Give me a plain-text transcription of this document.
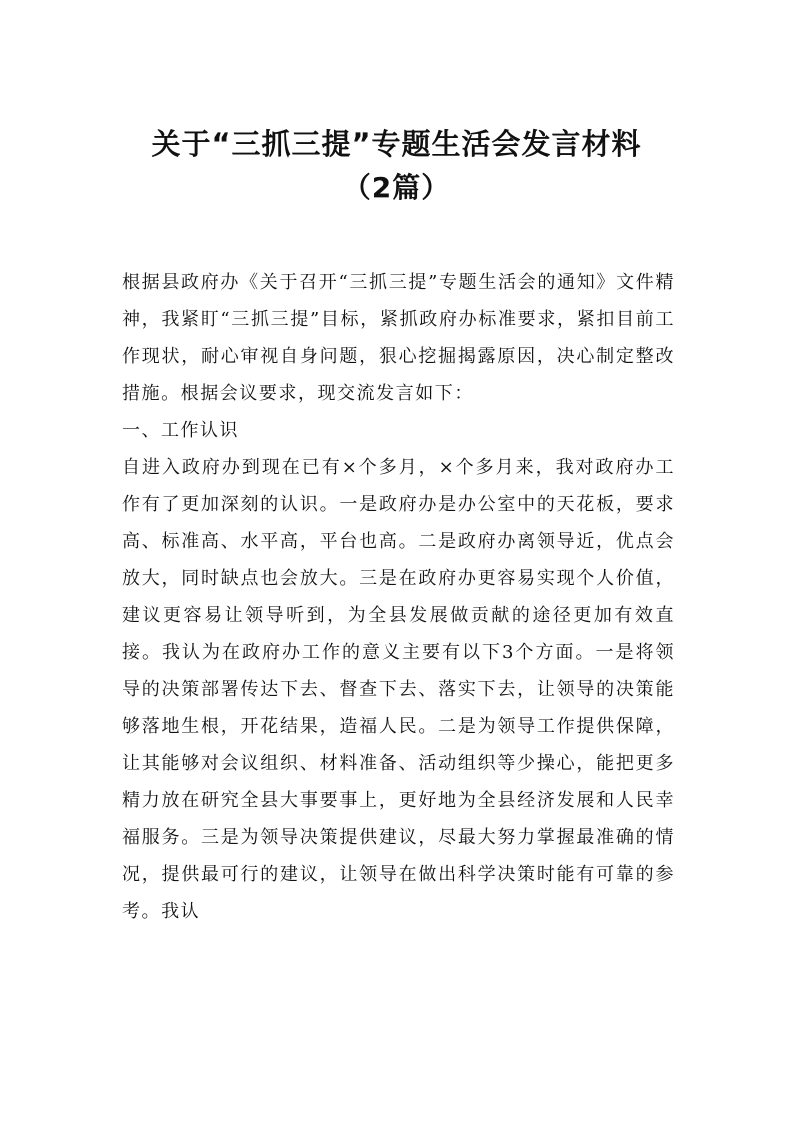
关于“三抓三提”专题生活会发言材料
（2篇）

根据县政府办《关于召开“三抓三提”专题生活会的通知》文件精神，我紧盯“三抓三提”目标，紧抓政府办标准要求，紧扣目前工作现状，耐心审视自身问题，狠心挖掘揭露原因，决心制定整改措施。根据会议要求，现交流发言如下：

一、工作认识

自进入政府办到现在已有×个多月，×个多月来，我对政府办工作有了更加深刻的认识。一是政府办是办公室中的天花板，要求高、标准高、水平高，平台也高。二是政府办离领导近，优点会放大，同时缺点也会放大。三是在政府办更容易实现个人价值，建议更容易让领导听到，为全县发展做贡献的途径更加有效直接。我认为在政府办工作的意义主要有以下3个方面。一是将领导的决策部署传达下去、督查下去、落实下去，让领导的决策能够落地生根，开花结果，造福人民。二是为领导工作提供保障，让其能够对会议组织、材料准备、活动组织等少操心，能把更多精力放在研究全县大事要事上，更好地为全县经济发展和人民幸福服务。三是为领导决策提供建议，尽最大努力掌握最准确的情况，提供最可行的建议，让领导在做出科学决策时能有可靠的参考。我认
